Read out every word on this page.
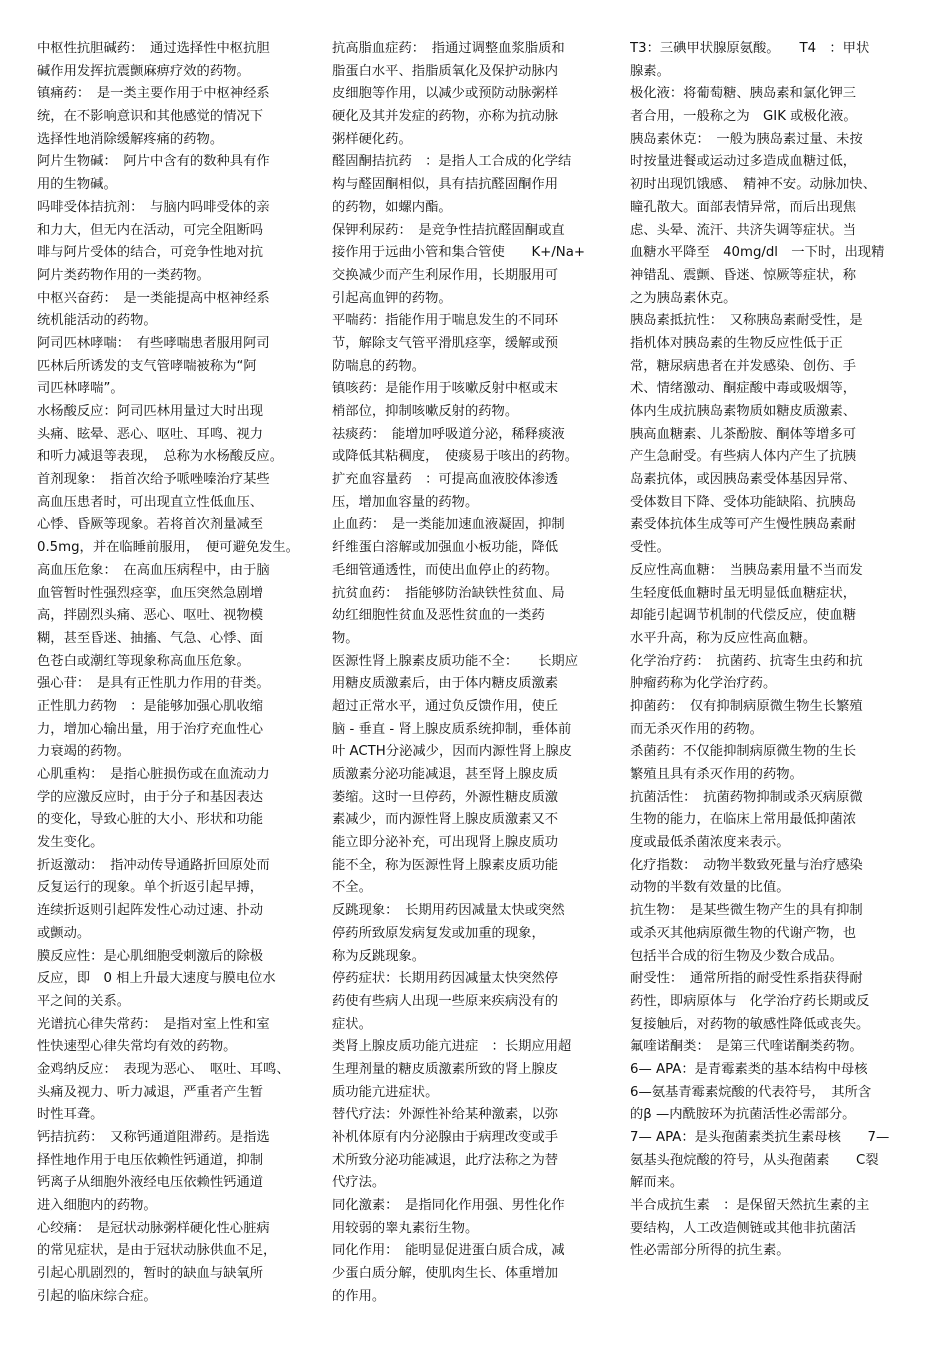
中枢性抗胆碱药：　通过选择性中枢抗胆
碱作用发挥抗震颤麻痹疗效的药物。
镇痛药：　是一类主要作用于中枢神经系
统，在不影响意识和其他感觉的情况下
选择性地消除缓解疼痛的药物。
阿片生物碱：　阿片中含有的数种具有作
用的生物碱。
吗啡受体拮抗剂：　与脑内吗啡受体的亲
和力大，但无内在活动，可完全阻断吗
啡与阿片受体的结合，可竞争性地对抗
阿片类药物作用的一类药物。
中枢兴奋药：　是一类能提高中枢神经系
统机能活动的药物。
阿司匹林哮喘：　有些哮喘患者服用阿司
匹林后所诱发的支气管哮喘被称为“阿
司匹林哮喘”。
水杨酸反应：阿司匹林用量过大时出现
头痛、眩晕、恶心、呕吐、耳鸣、视力
和听力减退等表现，　总称为水杨酸反应。
首剂现象：　指首次给予哌唑嗪治疗某些
高血压患者时，可出现直立性低血压、
心悸、昏厥等现象。若将首次剂量减至
0.5mg，并在临睡前服用，　便可避免发生。
高血压危象：　在高血压病程中，由于脑
血管暂时性强烈痉挛，血压突然急剧增
高，拌剧烈头痛、恶心、呕吐、视物模
糊，甚至昏迷、抽搐、气急、心悸、面
色苍白或潮红等现象称高血压危象。
强心苷：　是具有正性肌力作用的苷类。
正性肌力药物　：是能够加强心肌收缩
力，增加心输出量，用于治疗充血性心
力衰竭的药物。
心肌重构：　是指心脏损伤或在血流动力
学的应激反应时，由于分子和基因表达
的变化，导致心脏的大小、形状和功能
发生变化。
折返激动：　指冲动传导通路折回原处而
反复运行的现象。单个折返引起早搏，
连续折返则引起阵发性心动过速、扑动
或颤动。
膜反应性：是心肌细胞受刺激后的除极
反应，即　0 相上升最大速度与膜电位水
平之间的关系。
光谱抗心律失常药：　是指对室上性和室
性快速型心律失常均有效的药物。
金鸡纳反应：　表现为恶心、　呕吐、耳鸣、
头痛及视力、听力减退，严重者产生暂
时性耳聋。
钙拮抗药：　又称钙通道阻滞药。是指选
择性地作用于电压依赖性钙通道，抑制
钙离子从细胞外液经电压依赖性钙通道
进入细胞内的药物。
心绞痛：　是冠状动脉粥样硬化性心脏病
的常见症状，是由于冠状动脉供血不足，
引起心肌剧烈的，暂时的缺血与缺氧所
引起的临床综合症。
抗高脂血症药：　指通过调整血浆脂质和
脂蛋白水平、指脂质氧化及保护动脉内
皮细胞等作用，以减少或预防动脉粥样
硬化及其并发症的药物，亦称为抗动脉
粥样硬化药。
醛固酮拮抗药　：是指人工合成的化学结
构与醛固酮相似，具有拮抗醛固酮作用
的药物，如螺内酯。
保钾利尿药：　是竞争性拮抗醛固酮或直
接作用于远曲小管和集合管使　　K+/Na+
交换减少而产生利尿作用，长期服用可
引起高血钾的药物。
平喘药：指能作用于喘息发生的不同环
节，解除支气管平滑肌痉挛，缓解或预
防喘息的药物。
镇咳药：是能作用于咳嗽反射中枢或末
梢部位，抑制咳嗽反射的药物。
祛痰药：　能增加呼吸道分泌，稀释痰液
或降低其粘稠度，　使痰易于咳出的药物。
扩充血容量药　：可提高血液胶体渗透
压，增加血容量的药物。
止血药：　是一类能加速血液凝固，抑制
纤维蛋白溶解或加强血小板功能，降低
毛细管通透性，而使出血停止的药物。
抗贫血药：　指能够防治缺铁性贫血、局
幼红细胞性贫血及恶性贫血的一类药
物。
医源性肾上腺素皮质功能不全：　　长期应
用糖皮质激素后，由于体内糖皮质激素
超过正常水平，通过负反馈作用，使丘
脑 - 垂直 - 肾上腺皮质系统抑制，垂体前
叶 ACTH分泌减少，因而内源性肾上腺皮
质激素分泌功能减退，甚至肾上腺皮质
萎缩。这时一旦停药，外源性糖皮质激
素减少，而内源性肾上腺皮质激素又不
能立即分泌补充，可出现肾上腺皮质功
能不全，称为医源性肾上腺素皮质功能
不全。
反跳现象：　长期用药因减量太快或突然
停药所致原发病复发或加重的现象，
称为反跳现象。
停药症状：长期用药因减量太快突然停
药使有些病人出现一些原来疾病没有的
症状。
类肾上腺皮质功能亢进症　：长期应用超
生理剂量的糖皮质激素所致的肾上腺皮
质功能亢进症状。
替代疗法：外源性补给某种激素，以弥
补机体原有内分泌腺由于病理改变或手
术所致分泌功能减退，此疗法称之为替
代疗法。
同化激素：　是指同化作用强、男性化作
用较弱的睾丸素衍生物。
同化作用：　能明显促进蛋白质合成，减
少蛋白质分解，使肌肉生长、体重增加
的作用。
T3：三碘甲状腺原氨酸。　　T4　：甲状
腺素。
极化液：将葡萄糖、胰岛素和氯化钾三
者合用，一般称之为　GIK 或极化液。
胰岛素休克：　一般为胰岛素过量、未按
时按量进餐或运动过多造成血糖过低，
初时出现饥饿感、　精神不安。动脉加快、
瞳孔散大。面部表情异常，而后出现焦
虑、头晕、流汗、共济失调等症状。当
血糖水平降至　40mg/dl　一下时，出现精
神错乱、震颤、昏迷、惊厥等症状，称
之为胰岛素休克。
胰岛素抵抗性：　又称胰岛素耐受性，是
指机体对胰岛素的生物反应性低于正
常，糖尿病患者在并发感染、创伤、手
术、情绪激动、酮症酸中毒或吸烟等，
体内生成抗胰岛素物质如糖皮质激素、
胰高血糖素、儿茶酚胺、酮体等增多可
产生急耐受。有些病人体内产生了抗胰
岛素抗体，或因胰岛素受体基因异常、
受体数目下降、受体功能缺陷、抗胰岛
素受体抗体生成等可产生慢性胰岛素耐
受性。
反应性高血糖：　当胰岛素用量不当而发
生轻度低血糖时虽无明显低血糖症状，
却能引起调节机制的代偿反应，使血糖
水平升高，称为反应性高血糖。
化学治疗药：　抗菌药、抗寄生虫药和抗
肿瘤药称为化学治疗药。
抑菌药：　仅有抑制病原微生物生长繁殖
而无杀灭作用的药物。
杀菌药：不仅能抑制病原微生物的生长
繁殖且具有杀灭作用的药物。
抗菌活性：　抗菌药物抑制或杀灭病原微
生物的能力，在临床上常用最低抑菌浓
度或最低杀菌浓度来表示。
化疗指数：　动物半数致死量与治疗感染
动物的半数有效量的比值。
抗生物：　是某些微生物产生的具有抑制
或杀灭其他病原微生物的代谢产物，也
包括半合成的衍生物及少数合成品。
耐受性：　通常所指的耐受性系指获得耐
药性，即病原体与　化学治疗药长期或反
复接触后，对药物的敏感性降低或丧失。
氟喹诺酮类：　是第三代喹诺酮类药物。
6— APA：是青霉素类的基本结构中母核
6—氨基青霉素烷酸的代表符号，　其所含
的β —内酰胺环为抗菌活性必需部分。
7— APA：是头孢菌素类抗生素母核　　7—
氨基头孢烷酸的符号，从头孢菌素　　C裂
解而来。
半合成抗生素　：是保留天然抗生素的主
要结构，人工改造侧链或其他非抗菌活
性必需部分所得的抗生素。
